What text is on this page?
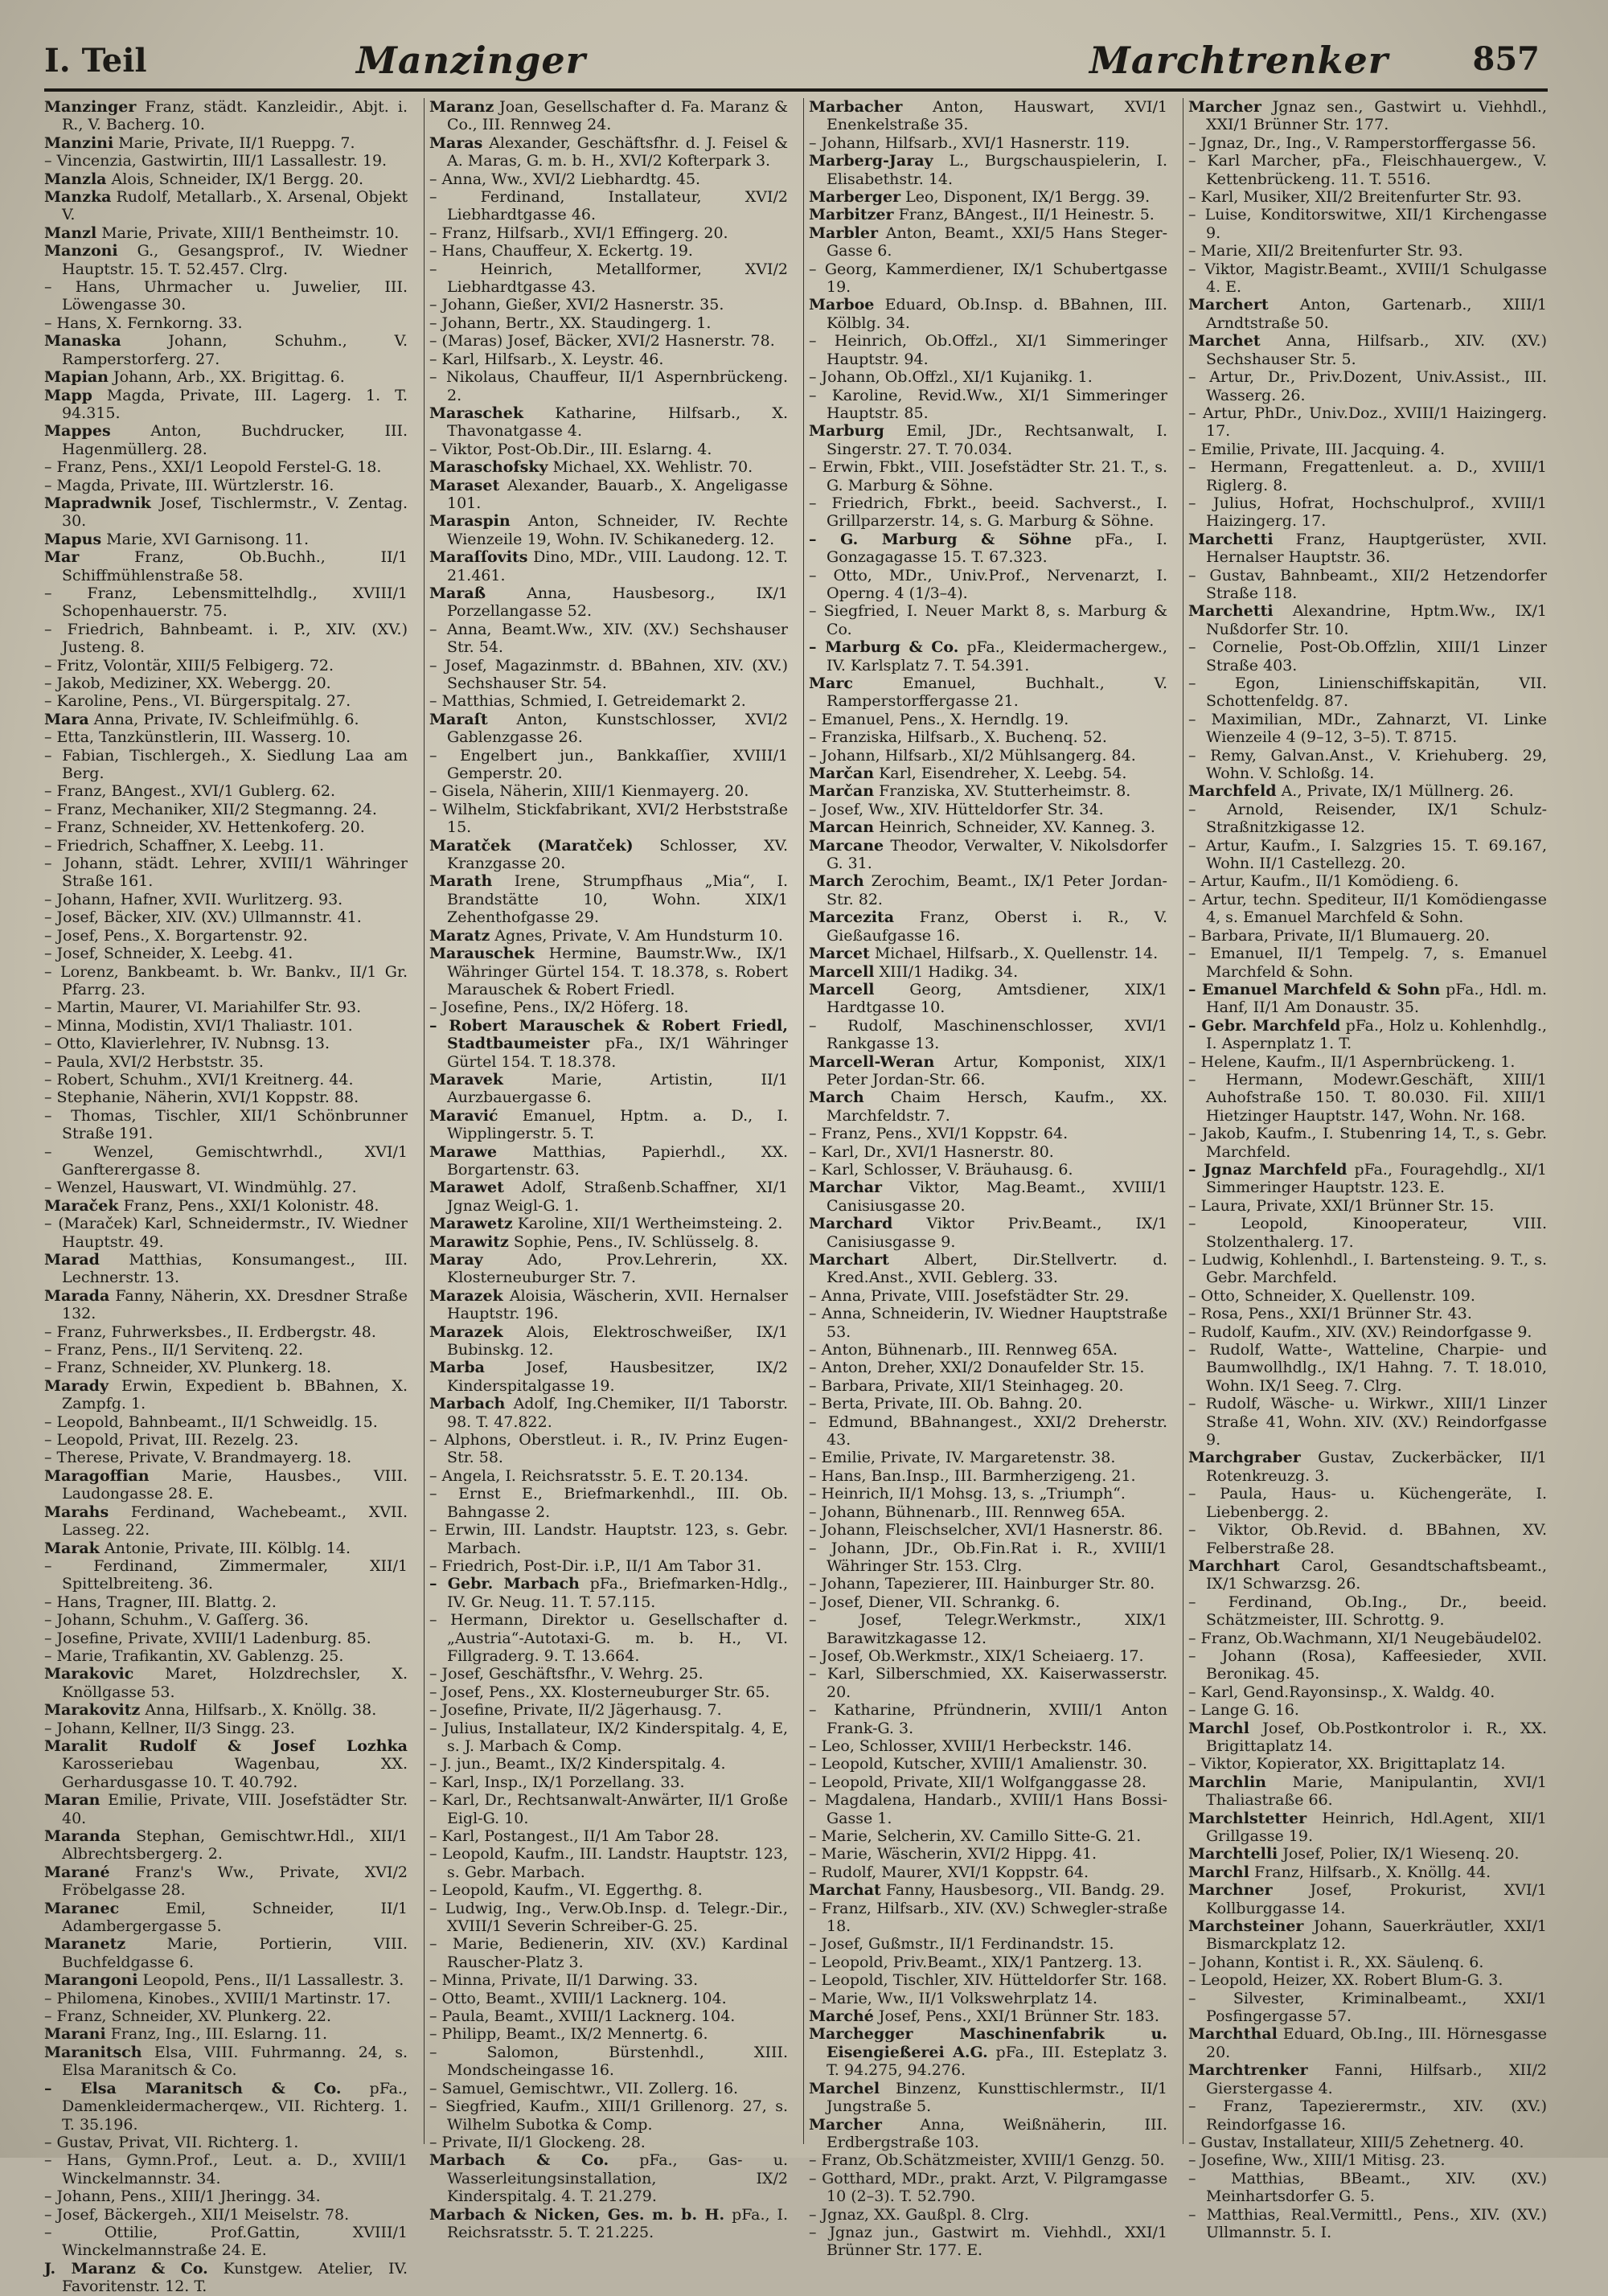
I. Teil	Manzinger	Marchtrenker	857

Manzinger Franz, städt. Kanzleidir., Abjt. i. R., V. Bacherg. 10.

Manzini Marie, Private, II/1 Rueppg. 7.

– Vincenzia, Gastwirtin, III/1 Lassallestr. 19.

Manzla Alois, Schneider, IX/1 Bergg. 20.

Manzka Rudolf, Metallarb., X. Arsenal, Objekt V.

Manzl Marie, Private, XIII/1 Bentheimstr. 10.

Manzoni G., Gesangsprof., IV. Wiedner Hauptstr. 15. T. 52.457. Clrg.

– Hans, Uhrmacher u. Juwelier, III. Löwengasse 30.

– Hans, X. Fernkorng. 33.

Manaska	Johann, Schuhm., V. Ramperstorferg. 27.

Mapian Johann, Arb., XX. Brigittag. 6.

Mapp Magda, Private, III. Lagerg. 1. T. 94.315.

Mappes	Anton, Buchdrucker, III. Hagenmüllerg. 28.

– Franz, Pens., XXI/1 Leopold Ferstel-G. 18.

– Magda, Private, III. Würtzlerstr. 16.

Mapradwnik Josef, Tischlermstr., V. Zentag. 30.

Mapus Marie, XVI Garnisong. 11.

Mar	Franz, Ob.Buchh., II/1 Schiffmühlenstraße 58.

– Franz, Lebensmittelhdlg., XVIII/1 Schopenhauerstr. 75.

– Friedrich, Bahnbeamt. i. P., XIV. (XV.) Justeng. 8.

– Fritz, Volontär, XIII/5 Felbigerg. 72.

– Jakob, Mediziner, XX. Webergg. 20.

– Karoline, Pens., VI. Bürgerspitalg. 27.

Mara Anna, Private, IV. Schleifmühlg. 6.

– Etta, Tanzkünstlerin, III. Wasserg. 10.

– Fabian, Tischlergeh., X. Siedlung Laa am Berg.

– Franz, BAngest., XVI/1 Gublerg. 62.

– Franz, Mechaniker, XII/2 Stegmanng. 24.

– Franz, Schneider, XV. Hettenkoferg. 20.

– Friedrich, Schaffner, X. Leebg. 11.

– Johann, städt. Lehrer, XVIII/1 Währinger Straße 161.

– Johann, Hafner, XVII. Wurlitzerg. 93.

– Josef, Bäcker, XIV. (XV.) Ullmannstr. 41.

– Josef, Pens., X. Borgartenstr. 92.

– Josef, Schneider, X. Leebg. 41.

– Lorenz, Bankbeamt. b. Wr. Bankv., II/1 Gr. Pfarrg. 23.

– Martin, Maurer, VI. Mariahilfer Str. 93.

– Minna, Modistin, XVI/1 Thaliastr. 101.

– Otto, Klavierlehrer, IV. Nubnsg. 13.

– Paula, XVI/2 Herbststr. 35.

– Robert, Schuhm., XVI/1 Kreitnerg. 44.

– Stephanie, Näherin, XVI/1 Koppstr. 88.

– Thomas, Tischler, XII/1 Schönbrunner Straße 191.

– Wenzel, Gemischtwrhdl., XVI/1 Ganfterergasse 8.

– Wenzel, Hauswart, VI. Windmühlg. 27.

Maraček Franz, Pens., XXI/1 Kolonistr. 48.

– (Maraček) Karl, Schneidermstr., IV. Wiedner Hauptstr. 49.

Marad Matthias, Konsumangest., III. Lechnerstr. 13.

Marada Fanny, Näherin, XX. Dresdner Straße 132.

– Franz, Fuhrwerksbes., II. Erdbergstr. 48.

– Franz, Pens., II/1 Servitenq. 22.

– Franz, Schneider, XV. Plunkerg. 18.

Marady Erwin, Expedient b. BBahnen, X. Zampfg. 1.

– Leopold, Bahnbeamt., II/1 Schweidlg. 15.

– Leopold, Privat, III. Rezelg. 23.

– Therese, Private, V. Brandmayerg. 18.

Maragoffian Marie, Hausbes., VIII. Laudongasse 28. E.

Marahs Ferdinand, Wachebeamt., XVII. Lasseg. 22.

Marak Antonie, Private, III. Kölblg. 14.

– Ferdinand, Zimmermaler, XII/1 Spittelbreiteng. 36.

– Hans, Tragner, III. Blattg. 2.

– Johann, Schuhm., V. Gaſſerg. 36.

– Josefine, Private, XVIII/1 Ladenburg. 85.

– Marie, Trafikantin, XV. Gablenzg. 25.

Marakovic Maret, Holzdrechsler, X. Knöllgasse 53.

Marakovitz Anna, Hilfsarb., X. Knöllg. 38.

– Johann, Kellner, II/3 Singg. 23.

Maralit Rudolf & Josef Lozhka Karosseriebau Wagenbau, XX. Gerhardusgasse 10. T. 40.792.

Maran Emilie, Private, VIII. Josefstädter Str. 40.

Maranda Stephan, Gemischtwr.Hdl., XII/1 Albrechtsbergerg. 2.

Marané Franz's Ww., Private, XVI/2 Fröbelgasse 28.

Maranec	Emil, Schneider, II/1 Adambergergasse 5.

Maranetz	Marie, Portierin, VIII. Buchfeldgasse 6.

Marangoni Leopold, Pens., II/1 Lassallestr. 3.

– Philomena, Kinobes., XVIII/1 Martinstr. 17.

– Franz, Schneider, XV. Plunkerg. 22.

Marani Franz, Ing., III. Eslarng. 11.

Maranitsch Elsa, VIII. Fuhrmanng. 24, s. Elsa Maranitsch & Co.

– Elsa Maranitsch & Co. pFa., Damenkleidermacherqew., VII. Richterg. 1. T. 35.196.

– Gustav, Privat, VII. Richterg. 1.

– Hans, Gymn.Prof., Leut. a. D., XVIII/1 Winckelmannstr. 34.

– Johann, Pens., XIII/1 Jheringg. 34.

– Josef, Bäckergeh., XII/1 Meiselstr. 78.

– Ottilie, Prof.Gattin, XVIII/1 Winckelmannstraße 24. E.

J. Maranz & Co. Kunstgew. Atelier, IV. Favoritenstr. 12. T.

Maranz Joan, Gesellschafter d. Fa. Maranz & Co., III. Rennweg 24.

Maras Alexander, Geschäftsfhr. d. J. Feisel & A. Maras, G. m. b. H., XVI/2 Kofterpark 3.

– Anna, Ww., XVI/2 Liebhardtg. 45.

– Ferdinand, Installateur, XVI/2 Liebhardtgasse 46.

– Franz, Hilfsarb., XVI/1 Effingerg. 20.

– Hans, Chauffeur, X. Eckertg. 19.

– Heinrich, Metallformer, XVI/2 Liebhardtgasse 43.

– Johann, Gießer, XVI/2 Hasnerstr. 35.

– Johann, Bertr., XX. Staudingerg. 1.

– (Maras) Josef, Bäcker, XVI/2 Hasnerstr. 78.

– Karl, Hilfsarb., X. Leystr. 46.

– Nikolaus, Chauffeur, II/1 Aspernbrückeng. 2.

Maraschek Katharine, Hilfsarb., X. Thavonatgasse 4.

– Viktor, Post-Ob.Dir., III. Eslarng. 4.

Maraschofsky Michael, XX. Wehlistr. 70.

Maraset Alexander, Bauarb., X. Angeligasse 101.

Maraspin Anton, Schneider, IV. Rechte Wienzeile 19, Wohn. IV. Schikanederg. 12.

Maraſſovits Dino, MDr., VIII. Laudong. 12. T. 21.461.

Maraß	Anna, Hausbesorg., IX/1 Porzellangasse 52.

– Anna, Beamt.Ww., XIV. (XV.) Sechshauser Str. 54.

– Josef, Magazinmstr. d. BBahnen, XIV. (XV.) Sechshauser Str. 54.

– Matthias, Schmied, I. Getreidemarkt 2.

Maraſt Anton, Kunstschlosser, XVI/2 Gablenzgasse 26.

– Engelbert jun., Bankkaſſier, XVIII/1 Gemperstr. 20.

– Gisela, Näherin, XIII/1 Kienmayerg. 20.

– Wilhelm, Stickfabrikant, XVI/2 Herbststraße 15.

Maratček (Maratček) Schlosser, XV. Kranzgasse 20.

Marath Irene, Strumpfhaus „Mia“, I. Brandstätte 10, Wohn. XIX/1 Zehenthofgasse 29.

Maratz Agnes, Private, V. Am Hundsturm 10.

Marauschek Hermine, Baumstr.Ww., IX/1 Währinger Gürtel 154. T. 18.378, s. Robert Marauschek & Robert Friedl.

– Josefine, Pens., IX/2 Höferg. 18.

– Robert Marauschek & Robert Friedl, Stadtbaumeister pFa., IX/1 Währinger Gürtel 154. T. 18.378.

Maravek	Marie, Artistin, II/1 Aurzbauergasse 6.

Maravić Emanuel, Hptm. a. D., I. Wipplingerstr. 5. T.

Marawe Matthias, Papierhdl., XX. Borgartenstr. 63.

Marawet Adolf, Straßenb.Schaffner, XI/1 Jgnaz Weigl-G. 1.

Marawetz Karoline, XII/1 Wertheimsteing. 2.

Marawitz Sophie, Pens., IV. Schlüsselg. 8.

Maray	Ado, Prov.Lehrerin, XX. Klosterneuburger Str. 7.

Marazek Aloisia, Wäscherin, XVII. Hernalser Hauptstr. 196.

Marazek Alois, Elektroschweißer, IX/1 Bubinskg. 12.

Marba	Josef, Hausbesitzer, IX/2 Kinderspitalgasse 19.

Marbach Adolf, Ing.Chemiker, II/1 Taborstr. 98. T. 47.822.

– Alphons, Oberstleut. i. R., IV. Prinz Eugen-Str. 58.

– Angela, I. Reichsratsstr. 5. E. T. 20.134.

– Ernst E., Briefmarkenhdl., III. Ob. Bahngasse 2.

– Erwin, III. Landstr. Hauptstr. 123, s. Gebr. Marbach.

– Friedrich, Post-Dir. i.P., II/1 Am Tabor 31.

– Gebr. Marbach pFa., Briefmarken-Hdlg., IV. Gr. Neug. 11. T. 57.115.

– Hermann, Direktor u. Gesellschafter d. „Austria“-Autotaxi-G. m. b. H., VI. Fillgraderg. 9. T. 13.664.

– Josef, Geschäftsfhr., V. Wehrg. 25.

– Josef, Pens., XX. Klosterneuburger Str. 65.

– Josefine, Private, II/2 Jägerhausg. 7.

– Julius, Installateur, IX/2 Kinderspitalg. 4, E, s. J. Marbach & Comp.

– J. jun., Beamt., IX/2 Kinderspitalg. 4.

– Karl, Insp., IX/1 Porzellang. 33.

– Karl, Dr., Rechtsanwalt-Anwärter, II/1 Große Eigl-G. 10.

– Karl, Postangest., II/1 Am Tabor 28.

– Leopold, Kaufm., III. Landstr. Hauptstr. 123, s. Gebr. Marbach.

– Leopold, Kaufm., VI. Eggerthg. 8.

– Ludwig, Ing., Verw.Ob.Insp. d. Telegr.-Dir., XVIII/1 Severin Schreiber-G. 25.

– Marie, Bedienerin, XIV. (XV.) Kardinal Rauscher-Platz 3.

– Minna, Private, II/1 Darwing. 33.

– Otto, Beamt., XVIII/1 Lacknerg. 104.

– Paula, Beamt., XVIII/1 Lacknerg. 104.

– Philipp, Beamt., IX/2 Mennertg. 6.

– Salomon, Bürstenhdl., XIII. Mondscheingasse 16.

– Samuel, Gemischtwr., VII. Zollerg. 16.

– Siegfried, Kaufm., XIII/1 Grillenorg. 27, s. Wilhelm Subotka & Comp.

– Private, II/1 Glockeng. 28.

Marbach & Co. pFa., Gas- u. Wasserleitungsinstallation, IX/2 Kinderspitalg. 4. T. 21.279.

Marbach & Nicken, Ges. m. b. H. pFa., I. Reichsratsstr. 5. T. 21.225.

Marbacher Anton, Hauswart, XVI/1 Enenkelstraße 35.

– Johann, Hilfsarb., XVI/1 Hasnerstr. 119.

Marberg-Jaray L., Burgschauspielerin, I. Elisabethstr. 14.

Marberger Leo, Disponent, IX/1 Bergg. 39.

Marbitzer Franz, BAngest., II/1 Heinestr. 5.

Marbler Anton, Beamt., XXI/5 Hans Steger-Gasse 6.

– Georg, Kammerdiener, IX/1 Schubertgasse 19.

Marboe Eduard, Ob.Insp. d. BBahnen, III. Kölblg. 34.

– Heinrich, Ob.Offzl., XI/1 Simmeringer Hauptstr. 94.

– Johann, Ob.Offzl., XI/1 Kujanikg. 1.

– Karoline, Revid.Ww., XI/1 Simmeringer Hauptstr. 85.

Marburg Emil, JDr., Rechtsanwalt, I. Singerstr. 27. T. 70.034.

– Erwin, Fbkt., VIII. Josefstädter Str. 21. T., s. G. Marburg & Söhne.

– Friedrich, Fbrkt., beeid. Sachverst., I. Grillparzerstr. 14, s. G. Marburg & Söhne.

– G. Marburg & Söhne pFa., I. Gonzagagasse 15. T. 67.323.

– Otto, MDr., Univ.Prof., Nervenarzt, I. Operng. 4 (1/3–4).

– Siegfried, I. Neuer Markt 8, s. Marburg & Co.

– Marburg & Co. pFa., Kleidermachergew., IV. Karlsplatz 7. T. 54.391.

Marc	Emanuel, Buchhalt., V. Ramperstorffergasse 21.

– Emanuel, Pens., X. Herndlg. 19.

– Franziska, Hilfsarb., X. Buchenq. 52.

– Johann, Hilfsarb., XI/2 Mühlsangerg. 84.

Marčan Karl, Eisendreher, X. Leebg. 54.

Marčan Franziska, XV. Stutterheimstr. 8.

– Josef, Ww., XIV. Hütteldorfer Str. 34.

Marcan Heinrich, Schneider, XV. Kanneg. 3.

Marcane Theodor, Verwalter, V. Nikolsdorfer G. 31.

March Zerochim, Beamt., IX/1 Peter Jordan-Str. 82.

Marcezita Franz, Oberst i. R., V. Gießaufgasse 16.

Marcet Michael, Hilfsarb., X. Quellenstr. 14.

Marcell XIII/1 Hadikg. 34.

Marcell Georg, Amtsdiener, XIX/1 Hardtgasse 10.

– Rudolf, Maschinenschlosser, XVI/1 Rankgasse 13.

Marcell-Weran Artur, Komponist, XIX/1 Peter Jordan-Str. 66.

March Chaim Hersch, Kaufm., XX. Marchfeldstr. 7.

– Franz, Pens., XVI/1 Koppstr. 64.

– Karl, Dr., XVI/1 Hasnerstr. 80.

– Karl, Schlosser, V. Bräuhausg. 6.

Marchar Viktor, Mag.Beamt., XVIII/1 Canisiusgasse 20.

Marchard Viktor Priv.Beamt., IX/1 Canisiusgasse 9.

Marchart Albert, Dir.Stellvertr. d. Kred.Anst., XVII. Geblerg. 33.

– Anna, Private, VIII. Josefstädter Str. 29.

– Anna, Schneiderin, IV. Wiedner Hauptstraße 53.

– Anton, Bühnenarb., III. Rennweg 65A.

– Anton, Dreher, XXI/2 Donaufelder Str. 15.

– Barbara, Private, XII/1 Steinhageg. 20.

– Berta, Private, III. Ob. Bahng. 20.

– Edmund, BBahnangest., XXI/2 Dreherstr. 43.

– Emilie, Private, IV. Margaretenstr. 38.

– Hans, Ban.Insp., III. Barmherzigeng. 21.

– Heinrich, II/1 Mohsg. 13, s. „Triumph“.

– Johann, Bühnenarb., III. Rennweg 65A.

– Johann, Fleischselcher, XVI/1 Hasnerstr. 86.

– Johann, JDr., Ob.Fin.Rat i. R., XVIII/1 Währinger Str. 153. Clrg.

– Johann, Tapezierer, III. Hainburger Str. 80.

– Josef, Diener, VII. Schrankg. 6.

– Josef, Telegr.Werkmstr., XIX/1 Barawitzkagasse 12.

– Josef, Ob.Werkmstr., XIX/1 Scheiaerg. 17.

– Karl, Silberschmied, XX. Kaiserwasserstr. 20.

– Katharine, Pfründnerin, XVIII/1 Anton Frank-G. 3.

– Leo, Schlosser, XVIII/1 Herbeckstr. 146.

– Leopold, Kutscher, XVIII/1 Amalienstr. 30.

– Leopold, Private, XII/1 Wolfganggasse 28.

– Magdalena, Handarb., XVIII/1 Hans Bossi-Gasse 1.

– Marie, Selcherin, XV. Camillo Sitte-G. 21.

– Marie, Wäscherin, XVI/2 Hippg. 41.

– Rudolf, Maurer, XVI/1 Koppstr. 64.

Marchat Fanny, Hausbesorg., VII. Bandg. 29.

– Franz, Hilfsarb., XIV. (XV.) Schwegler-straße 18.

– Josef, Gußmstr., II/1 Ferdinandstr. 15.

– Leopold, Priv.Beamt., XIX/1 Pantzerg. 13.

– Leopold, Tischler, XIV. Hütteldorfer Str. 168.

– Marie, Ww., II/1 Volkswehrplatz 14.

Marché Josef, Pens., XXI/1 Brünner Str. 183.

Marchegger Maschinenfabrik u. Eisengießerei A.G. pFa., III. Esteplatz 3. T. 94.275, 94.276.

Marchel Binzenz, Kunsttischlermstr., II/1 Jungstraße 5.

Marcher	Anna, Weißnäherin, III. Erdbergstraße 103.

– Franz, Ob.Schätzmeister, XVIII/1 Genzg. 50.

– Gotthard, MDr., prakt. Arzt, V. Pilgramgasse 10 (2–3). T. 52.790.

– Jgnaz, XX. Gaußpl. 8. Clrg.

– Jgnaz jun., Gastwirt m. Viehhdl., XXI/1 Brünner Str. 177. E.

Marcher Jgnaz sen., Gastwirt u. Viehhdl., XXI/1 Brünner Str. 177.

– Jgnaz, Dr., Ing., V. Ramperstorffergasse 56.

– Karl Marcher, pFa., Fleischhauergew., V. Kettenbrückeng. 11. T. 5516.

– Karl, Musiker, XII/2 Breitenfurter Str. 93.

– Luise, Konditorswitwe, XII/1 Kirchengasse 9.

– Marie, XII/2 Breitenfurter Str. 93.

– Viktor, Magistr.Beamt., XVIII/1 Schulgasse 4. E.

Marchert Anton, Gartenarb., XIII/1 Arndtstraße 50.

Marchet Anna, Hilfsarb., XIV. (XV.) Sechshauser Str. 5.

– Artur, Dr., Priv.Dozent, Univ.Assist., III. Wasserg. 26.

– Artur, PhDr., Univ.Doz., XVIII/1 Haizingerg. 17.

– Emilie, Private, III. Jacquing. 4.

– Hermann, Fregattenleut. a. D., XVIII/1 Riglerg. 8.

– Julius, Hofrat, Hochschulprof., XVIII/1 Haizingerg. 17.

Marchetti Franz, Hauptgerüster, XVII. Hernalser Hauptstr. 36.

– Gustav, Bahnbeamt., XII/2 Hetzendorfer Straße 118.

Marchetti Alexandrine, Hptm.Ww., IX/1 Nußdorfer Str. 10.

– Cornelie, Post-Ob.Offzlin, XIII/1 Linzer Straße 403.

– Egon, Linienschiffskapitän, VII. Schottenfeldg. 87.

– Maximilian, MDr., Zahnarzt, VI. Linke Wienzeile 4 (9–12, 3–5). T. 8715.

– Remy, Galvan.Anst., V. Kriehuberg. 29, Wohn. V. Schloßg. 14.

Marchfeld A., Private, IX/1 Müllnerg. 26.

– Arnold, Reisender, IX/1 Schulz-Straßnitzkigasse 12.

– Artur, Kaufm., I. Salzgries 15. T. 69.167, Wohn. II/1 Castellezg. 20.

– Artur, Kaufm., II/1 Komödieng. 6.

– Artur, techn. Spediteur, II/1 Komödiengasse 4, s. Emanuel Marchfeld & Sohn.

– Barbara, Private, II/1 Blumauerg. 20.

– Emanuel, II/1 Tempelg. 7, s. Emanuel Marchfeld & Sohn.

– Emanuel Marchfeld & Sohn pFa., Hdl. m. Hanf, II/1 Am Donaustr. 35.

– Gebr. Marchfeld pFa., Holz u. Kohlenhdlg., I. Aspernplatz 1. T.

– Helene, Kaufm., II/1 Aspernbrückeng. 1.

– Hermann, Modewr.Geschäft, XIII/1 Auhofstraße 150. T. 80.030. Fil. XIII/1 Hietzinger Hauptstr. 147, Wohn. Nr. 168.

– Jakob, Kaufm., I. Stubenring 14, T., s. Gebr. Marchfeld.

– Jgnaz Marchfeld pFa., Fouragehdlg., XI/1 Simmeringer Hauptstr. 123. E.

– Laura, Private, XXI/1 Brünner Str. 15.

– Leopold, Kinooperateur, VIII. Stolzenthalerg. 17.

– Ludwig, Kohlenhdl., I. Bartensteing. 9. T., s. Gebr. Marchfeld.

– Otto, Schneider, X. Quellenstr. 109.

– Rosa, Pens., XXI/1 Brünner Str. 43.

– Rudolf, Kaufm., XIV. (XV.) Reindorfgasse 9.

– Rudolf, Watte-, Watteline, Charpie- und Baumwollhdlg., IX/1 Hahng. 7. T. 18.010, Wohn. IX/1 Seeg. 7. Clrg.

– Rudolf, Wäsche- u. Wirkwr., XIII/1 Linzer Straße 41, Wohn. XIV. (XV.) Reindorfgasse 9.

Marchgraber Gustav, Zuckerbäcker, II/1 Rotenkreuzg. 3.

– Paula, Haus- u. Küchengeräte, I. Liebenbergg. 2.

– Viktor, Ob.Revid. d. BBahnen, XV. Felberstraße 28.

Marchhart Carol, Gesandtschaftsbeamt., IX/1 Schwarzsg. 26.

– Ferdinand, Ob.Ing., Dr., beeid. Schätzmeister, III. Schrottg. 9.

– Franz, Ob.Wachmann, XI/1 Neugebäudel02.

– Johann (Rosa), Kaffeesieder, XVII. Beronikag. 45.

– Karl, Gend.Rayonsinsp., X. Waldg. 40.

– Lange G. 16.

Marchl Josef, Ob.Postkontrolor i. R., XX. Brigittaplatz 14.

– Viktor, Kopierator, XX. Brigittaplatz 14.

Marchlin Marie, Manipulantin, XVI/1 Thaliastraße 66.

Marchlstetter Heinrich, Hdl.Agent, XII/1 Grillgasse 19.

Marchtelli Josef, Polier, IX/1 Wiesenq. 20.

Marchl Franz, Hilfsarb., X. Knöllg. 44.

Marchner Josef, Prokurist, XVI/1 Kollburggasse 14.

Marchsteiner Johann, Sauerkräutler, XXI/1 Bismarckplatz 12.

– Johann, Kontist i. R., XX. Säulenq. 6.

– Leopold, Heizer, XX. Robert Blum-G. 3.

– Silvester, Kriminalbeamt., XXI/1 Posfingergasse 57.

Marchthal Eduard, Ob.Ing., III. Hörnesgasse 20.

Marchtrenker Fanni, Hilfsarb., XII/2 Gierstergasse 4.

– Franz, Tapezierermstr., XIV. (XV.) Reindorfgasse 16.

– Gustav, Installateur, XIII/5 Zehetnerg. 40.

– Josefine, Ww., XIII/1 Mitisg. 23.

– Matthias, BBeamt., XIV. (XV.) Meinhartsdorfer G. 5.

– Matthias, Real.Vermittl., Pens., XIV. (XV.) Ullmannstr. 5. I.
